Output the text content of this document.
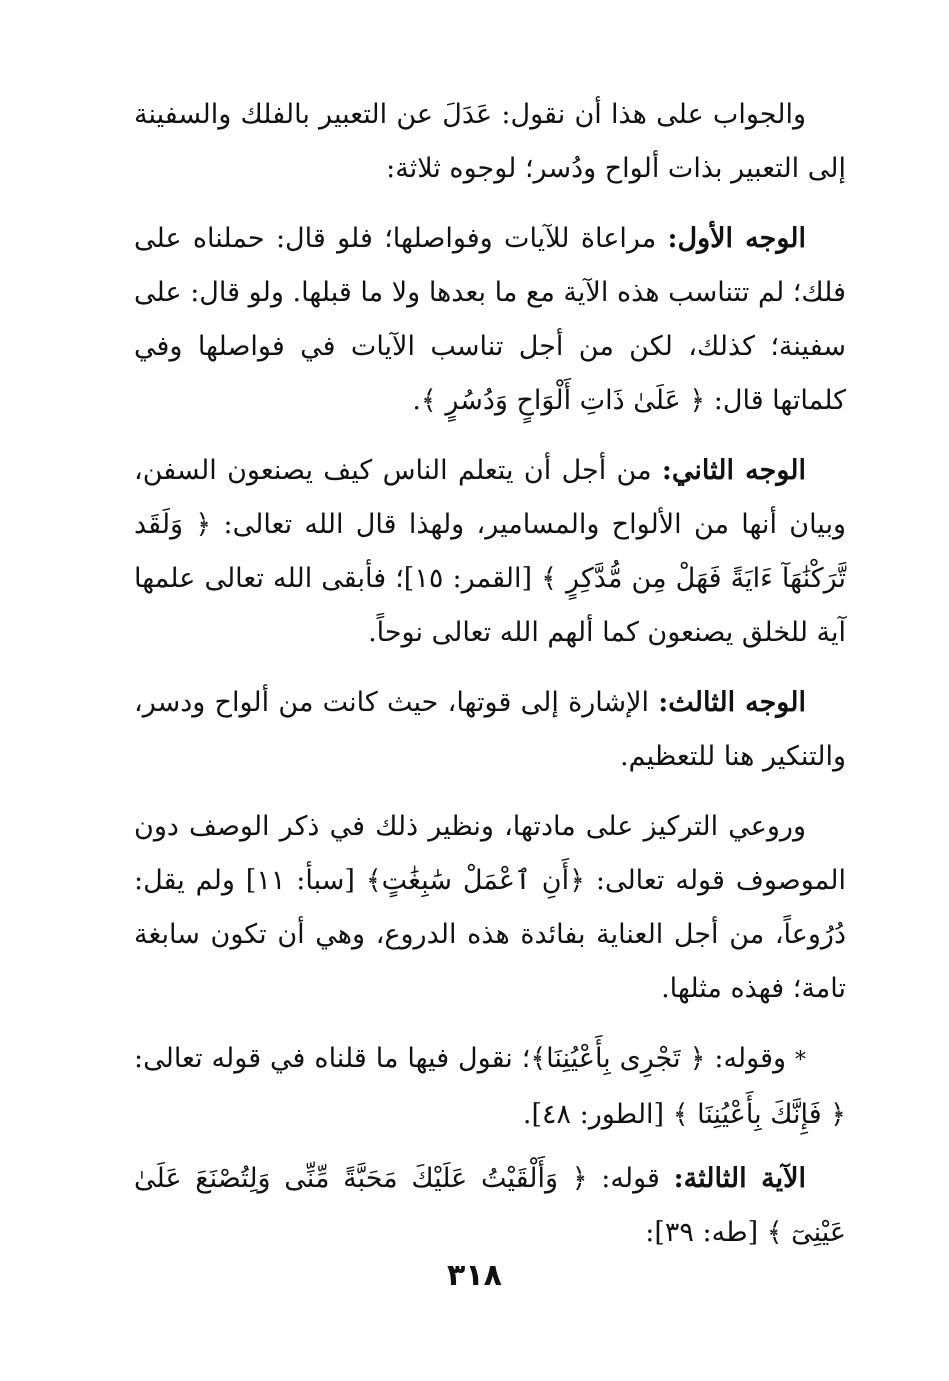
والجواب على هذا أن نقول: عَدَلَ عن التعبير بالفلك والسفينة إلى التعبير بذات ألواح ودُسر؛ لوجوه ثلاثة:

الوجه الأول: مراعاة للآيات وفواصلها؛ فلو قال: حملناه على فلك؛ لم تتناسب هذه الآية مع ما بعدها ولا ما قبلها. ولو قال: على سفينة؛ كذلك، لكن من أجل تناسب الآيات في فواصلها وفي كلماتها قال: ﴿ عَلَىٰ ذَاتِ أَلْوَاحٍ وَدُسُرٍ ﴾.

الوجه الثاني: من أجل أن يتعلم الناس كيف يصنعون السفن، وبيان أنها من الألواح والمسامير، ولهذا قال الله تعالى: ﴿ وَلَقَد تَّرَكْنَٰهَآ ءَايَةً فَهَلْ مِن مُّدَّكِرٍ ﴾ [القمر: ١٥]؛ فأبقى الله تعالى علمها آية للخلق يصنعون كما ألهم الله تعالى نوحاً.

الوجه الثالث: الإشارة إلى قوتها، حيث كانت من ألواح ودسر، والتنكير هنا للتعظيم.

وروعي التركيز على مادتها، ونظير ذلك في ذكر الوصف دون الموصوف قوله تعالى: ﴿أَنِ ٱعْمَلْ سَٰبِغَٰتٍ﴾ [سبأ: ١١] ولم يقل: دُرُوعاً، من أجل العناية بفائدة هذه الدروع، وهي أن تكون سابغة تامة؛ فهذه مثلها.

* وقوله: ﴿ تَجْرِى بِأَعْيُنِنَا﴾؛ نقول فيها ما قلناه في قوله تعالى: ﴿ فَإِنَّكَ بِأَعْيُنِنَا ﴾ [الطور: ٤٨].

الآية الثالثة: قوله: ﴿ وَأَلْقَيْتُ عَلَيْكَ مَحَبَّةً مِّنِّى وَلِتُصْنَعَ عَلَىٰ عَيْنِىٓ ﴾ [طه: ٣٩]:

٣١٨
